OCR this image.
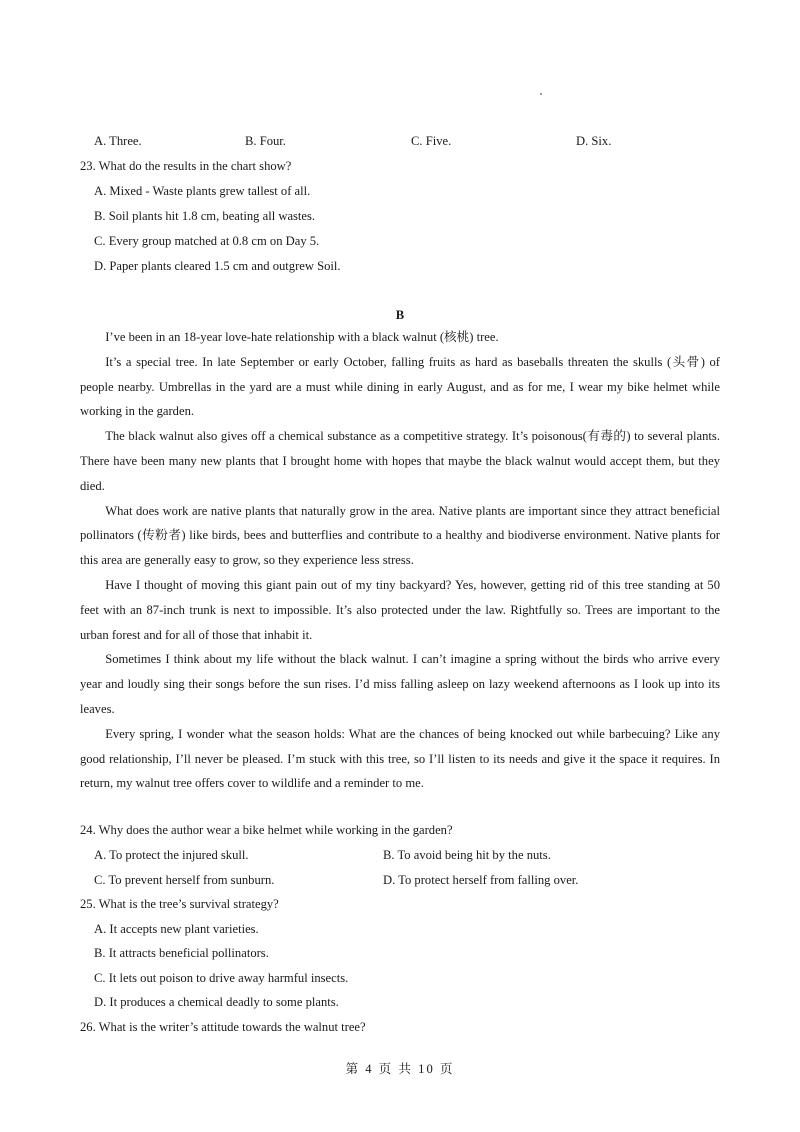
A. Three.	B. Four.	C. Five.	D. Six.
23. What do the results in the chart show?
A. Mixed - Waste plants grew tallest of all.
B. Soil plants hit 1.8 cm, beating all wastes.
C. Every group matched at 0.8 cm on Day 5.
D. Paper plants cleared 1.5 cm and outgrew Soil.
B

I’ve been in an 18-year love-hate relationship with a black walnut (核桃) tree.

It’s a special tree. In late September or early October, falling fruits as hard as baseballs threaten the skulls (头骨) of people nearby. Umbrellas in the yard are a must while dining in early August, and as for me, I wear my bike helmet while working in the garden.

The black walnut also gives off a chemical substance as a competitive strategy. It’s poisonous(有毒的) to several plants. There have been many new plants that I brought home with hopes that maybe the black walnut would accept them, but they died.

What does work are native plants that naturally grow in the area. Native plants are important since they attract beneficial pollinators (传粉者) like birds, bees and butterflies and contribute to a healthy and biodiverse environment. Native plants for this area are generally easy to grow, so they experience less stress.

Have I thought of moving this giant pain out of my tiny backyard? Yes, however, getting rid of this tree standing at 50 feet with an 87-inch trunk is next to impossible. It’s also protected under the law. Rightfully so. Trees are important to the urban forest and for all of those that inhabit it.

Sometimes I think about my life without the black walnut. I can’t imagine a spring without the birds who arrive every year and loudly sing their songs before the sun rises. I’d miss falling asleep on lazy weekend afternoons as I look up into its leaves.

Every spring, I wonder what the season holds: What are the chances of being knocked out while barbecuing? Like any good relationship, I’ll never be pleased. I’m stuck with this tree, so I’ll listen to its needs and give it the space it requires. In return, my walnut tree offers cover to wildlife and a reminder to me.

24. Why does the author wear a bike helmet while working in the garden?
A. To protect the injured skull.	B. To avoid being hit by the nuts.
C. To prevent herself from sunburn.	D. To protect herself from falling over.
25. What is the tree’s survival strategy?
A. It accepts new plant varieties.
B. It attracts beneficial pollinators.
C. It lets out poison to drive away harmful insects.
D. It produces a chemical deadly to some plants.
26. What is the writer’s attitude towards the walnut tree?
第 4 页 共 10 页
